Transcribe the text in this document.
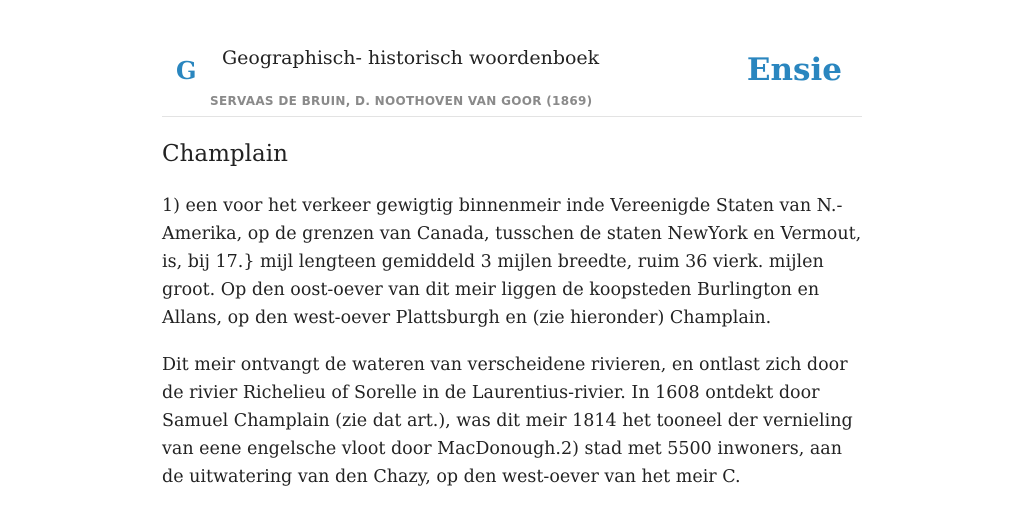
G Geographisch- historisch woordenboek
SERVAAS DE BRUIN, D. NOOTHOVEN VAN GOOR (1869)
Ensie
Champlain

1) een voor het verkeer gewigtig binnenmeir inde Vereenigde Staten van N.-Amerika, op de grenzen van Canada, tusschen de staten NewYork en Vermout, is, bij 17.} mijl lengteen gemiddeld 3 mijlen breedte, ruim 36 vierk. mijlen groot. Op den oost-oever van dit meir liggen de koopsteden Burlington en Allans, op den west-oever Plattsburgh en (zie hieronder) Champlain.

Dit meir ontvangt de wateren van verscheidene rivieren, en ontlast zich door de rivier Richelieu of Sorelle in de Laurentius-rivier. In 1608 ontdekt door Samuel Champlain (zie dat art.), was dit meir 1814 het tooneel der vernieling van eene engelsche vloot door MacDonough.2) stad met 5500 inwoners, aan de uitwatering van den Chazy, op den west-oever van het meir C.
